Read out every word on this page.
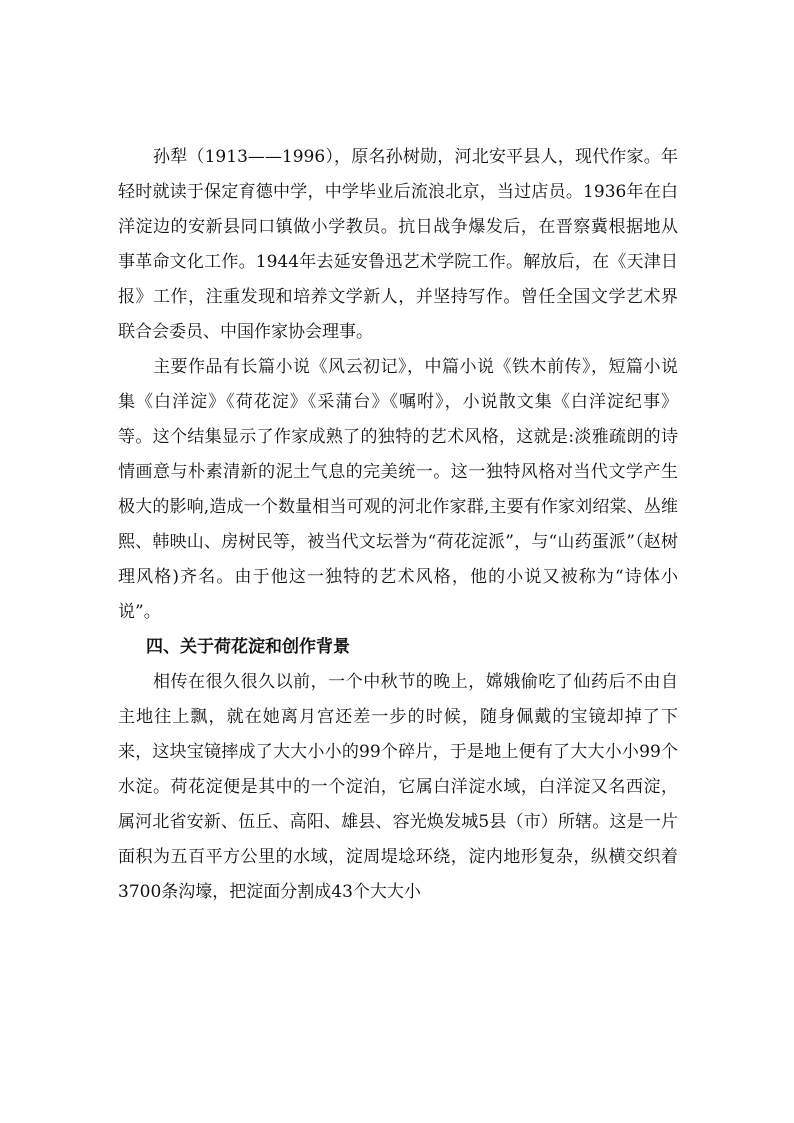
孙犁（1913——1996），原名孙树勋，河北安平县人，现代作家。年轻时就读于保定育德中学，中学毕业后流浪北京，当过店员。1936年在白洋淀边的安新县同口镇做小学教员。抗日战争爆发后，在晋察冀根据地从事革命文化工作。1944年去延安鲁迅艺术学院工作。解放后，在《天津日报》工作，注重发现和培养文学新人，并坚持写作。曾任全国文学艺术界联合会委员、中国作家协会理事。

主要作品有长篇小说《风云初记》，中篇小说《铁木前传》，短篇小说集《白洋淀》《荷花淀》《采蒲台》《嘱咐》，小说散文集《白洋淀纪事》等。这个结集显示了作家成熟了的独特的艺术风格，这就是:淡雅疏朗的诗情画意与朴素清新的泥土气息的完美统一。这一独特风格对当代文学产生极大的影响,造成一个数量相当可观的河北作家群,主要有作家刘绍棠、丛维熙、韩映山、房树民等，被当代文坛誉为“荷花淀派”，与“山药蛋派”（赵树理风格)齐名。由于他这一独特的艺术风格，他的小说又被称为“诗体小说”。

四、关于荷花淀和创作背景

相传在很久很久以前，一个中秋节的晚上，嫦娥偷吃了仙药后不由自主地往上飘，就在她离月宫还差一步的时候，随身佩戴的宝镜却掉了下来，这块宝镜摔成了大大小小的99个碎片，于是地上便有了大大小小99个水淀。荷花淀便是其中的一个淀泊，它属白洋淀水域，白洋淀又名西淀，属河北省安新、伍丘、高阳、雄县、容光焕发城5县（市）所辖。这是一片面积为五百平方公里的水域，淀周堤埝环绕，淀内地形复杂，纵横交织着3700条沟壕，把淀面分割成43个大大小
